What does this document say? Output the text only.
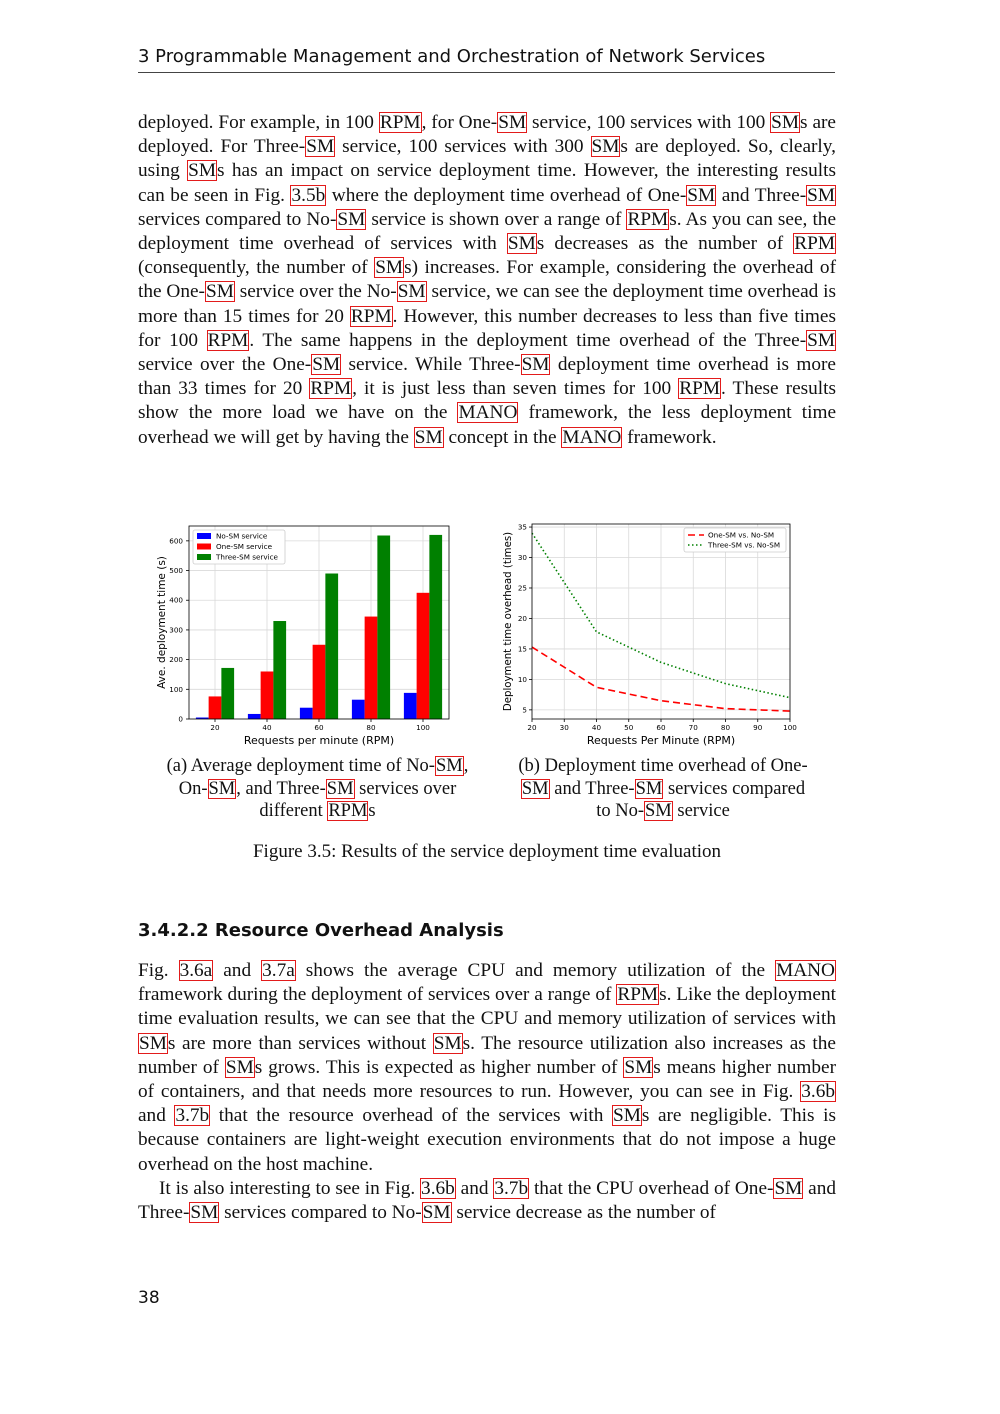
3 Programmable Management and Orchestration of Network Services

deployed. For example, in 100 RPM, for One-SM service, 100 services with 100 SMs are deployed. For Three-SM service, 100 services with 300 SMs are deployed. So, clearly, using SMs has an impact on service deployment time. However, the interesting results can be seen in Fig. 3.5b where the deployment time overhead of One-SM and Three-SM services compared to No-SM service is shown over a range of RPMs. As you can see, the deployment time overhead of services with SMs decreases as the number of RPM (consequently, the number of SMs) increases. For example, considering the overhead of the One-SM service over the No-SM service, we can see the deployment time overhead is more than 15 times for 20 RPM. However, this number decreases to less than five times for 100 RPM. The same happens in the deployment time overhead of the Three-SM service over the One-SM service. While Three-SM deployment time overhead is more than 33 times for 20 RPM, it is just less than seven times for 100 RPM. These results show the more load we have on the MANO framework, the less deployment time overhead we will get by having the SM concept in the MANO framework.

0
100
200
300
400
500
600
20	40	60	80	100
Requests per minute (RPM)
Ave. deployment time (s)
No-SM service
One-SM service
Three-SM service
5
10
15
20
25
30
35
20	30	40	50	60	70	80	90	100
Requests Per Minute (RPM)
Deployment time overhead (times)	One-SM vs. No-SM
Three-SM vs. No-SM
(a) Average deployment time of No-SM, On-SM, and Three-SM services over different RPMs
(b) Deployment time overhead of One-SM and Three-SM services compared to No-SM service
Figure 3.5: Results of the service deployment time evaluation
3.4.2.2 Resource Overhead Analysis

Fig. 3.6a and 3.7a shows the average CPU and memory utilization of the MANO framework during the deployment of services over a range of RPMs. Like the deployment time evaluation results, we can see that the CPU and memory utilization of services with SMs are more than services without SMs. The resource utilization also increases as the number of SMs grows. This is expected as higher number of SMs means higher number of containers, and that needs more resources to run. However, you can see in Fig. 3.6b and 3.7b that the resource overhead of the services with SMs are negligible. This is because containers are light-weight execution environments that do not impose a huge overhead on the host machine.

It is also interesting to see in Fig. 3.6b and 3.7b that the CPU overhead of One-SM and Three-SM services compared to No-SM service decrease as the number of

38
